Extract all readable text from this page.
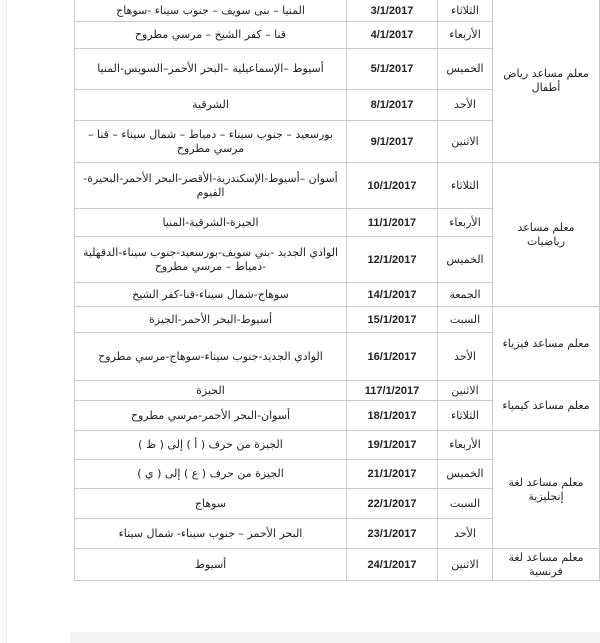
معلم مساعد رياض أطفال	الثلاثاء	3/1/2017	المنيا – بنى سويف – جنوب سيناء -سوهاج
	الأربعاء	4/1/2017	قنا – كفر الشيخ – مرسي مطروح
	الخميس	5/1/2017	أسيوط –الإسماعيلية –البحر الأحمر–السويس-المنيا
	الأحد	8/1/2017	الشرقية
	الاثنين	9/1/2017	بورسعيد – جنوب سيناء – دمياط – شمال سيناء – قنا – مرسي مطروح
معلم مساعد رياضيات	الثلاثاء	10/1/2017	أسوان –أسيوط-الإسكندرية-الأقصر-البحر الأحمر-البحيرة-الفيوم
	الأربعاء	11/1/2017	الجيزة-الشرقية-المنيا
	الخميس	12/1/2017	الوادي الجديد -بني سويف-بورسعيد-جنوب سيناء-الدقهلية -دمياط – مرسي مطروح
	الجمعة	14/1/2017	سوهاج-شمال سيناء-قنا-كفر الشيخ
معلم مساعد فيزياء	السبت	15/1/2017	أسيوط-البحر الأحمر-الجيزة
	الأحد	16/1/2017	الوادي الجديد-جنوب سيناء-سوهاج-مرسي مطروح
معلم مساعد كيمياء	الاثنين	117/1/2017	الجيزة
	الثلاثاء	18/1/2017	أسوان-البحر الأحمر-مرسي مطروح
معلم مساعد لغة إنجليزية	الأربعاء	19/1/2017	الجيزة من حرف ( أ ) إلى ( ظ )
	الخميس	21/1/2017	الجيزة من حرف ( ع ) إلى ( ي )
	السبت	22/1/2017	سوهاج
	الأحد	23/1/2017	البحر الأحمر – جنوب سيناء- شمال سيناء
معلم مساعد لغة فرنسية	الاثنين	24/1/2017	أسيوط
